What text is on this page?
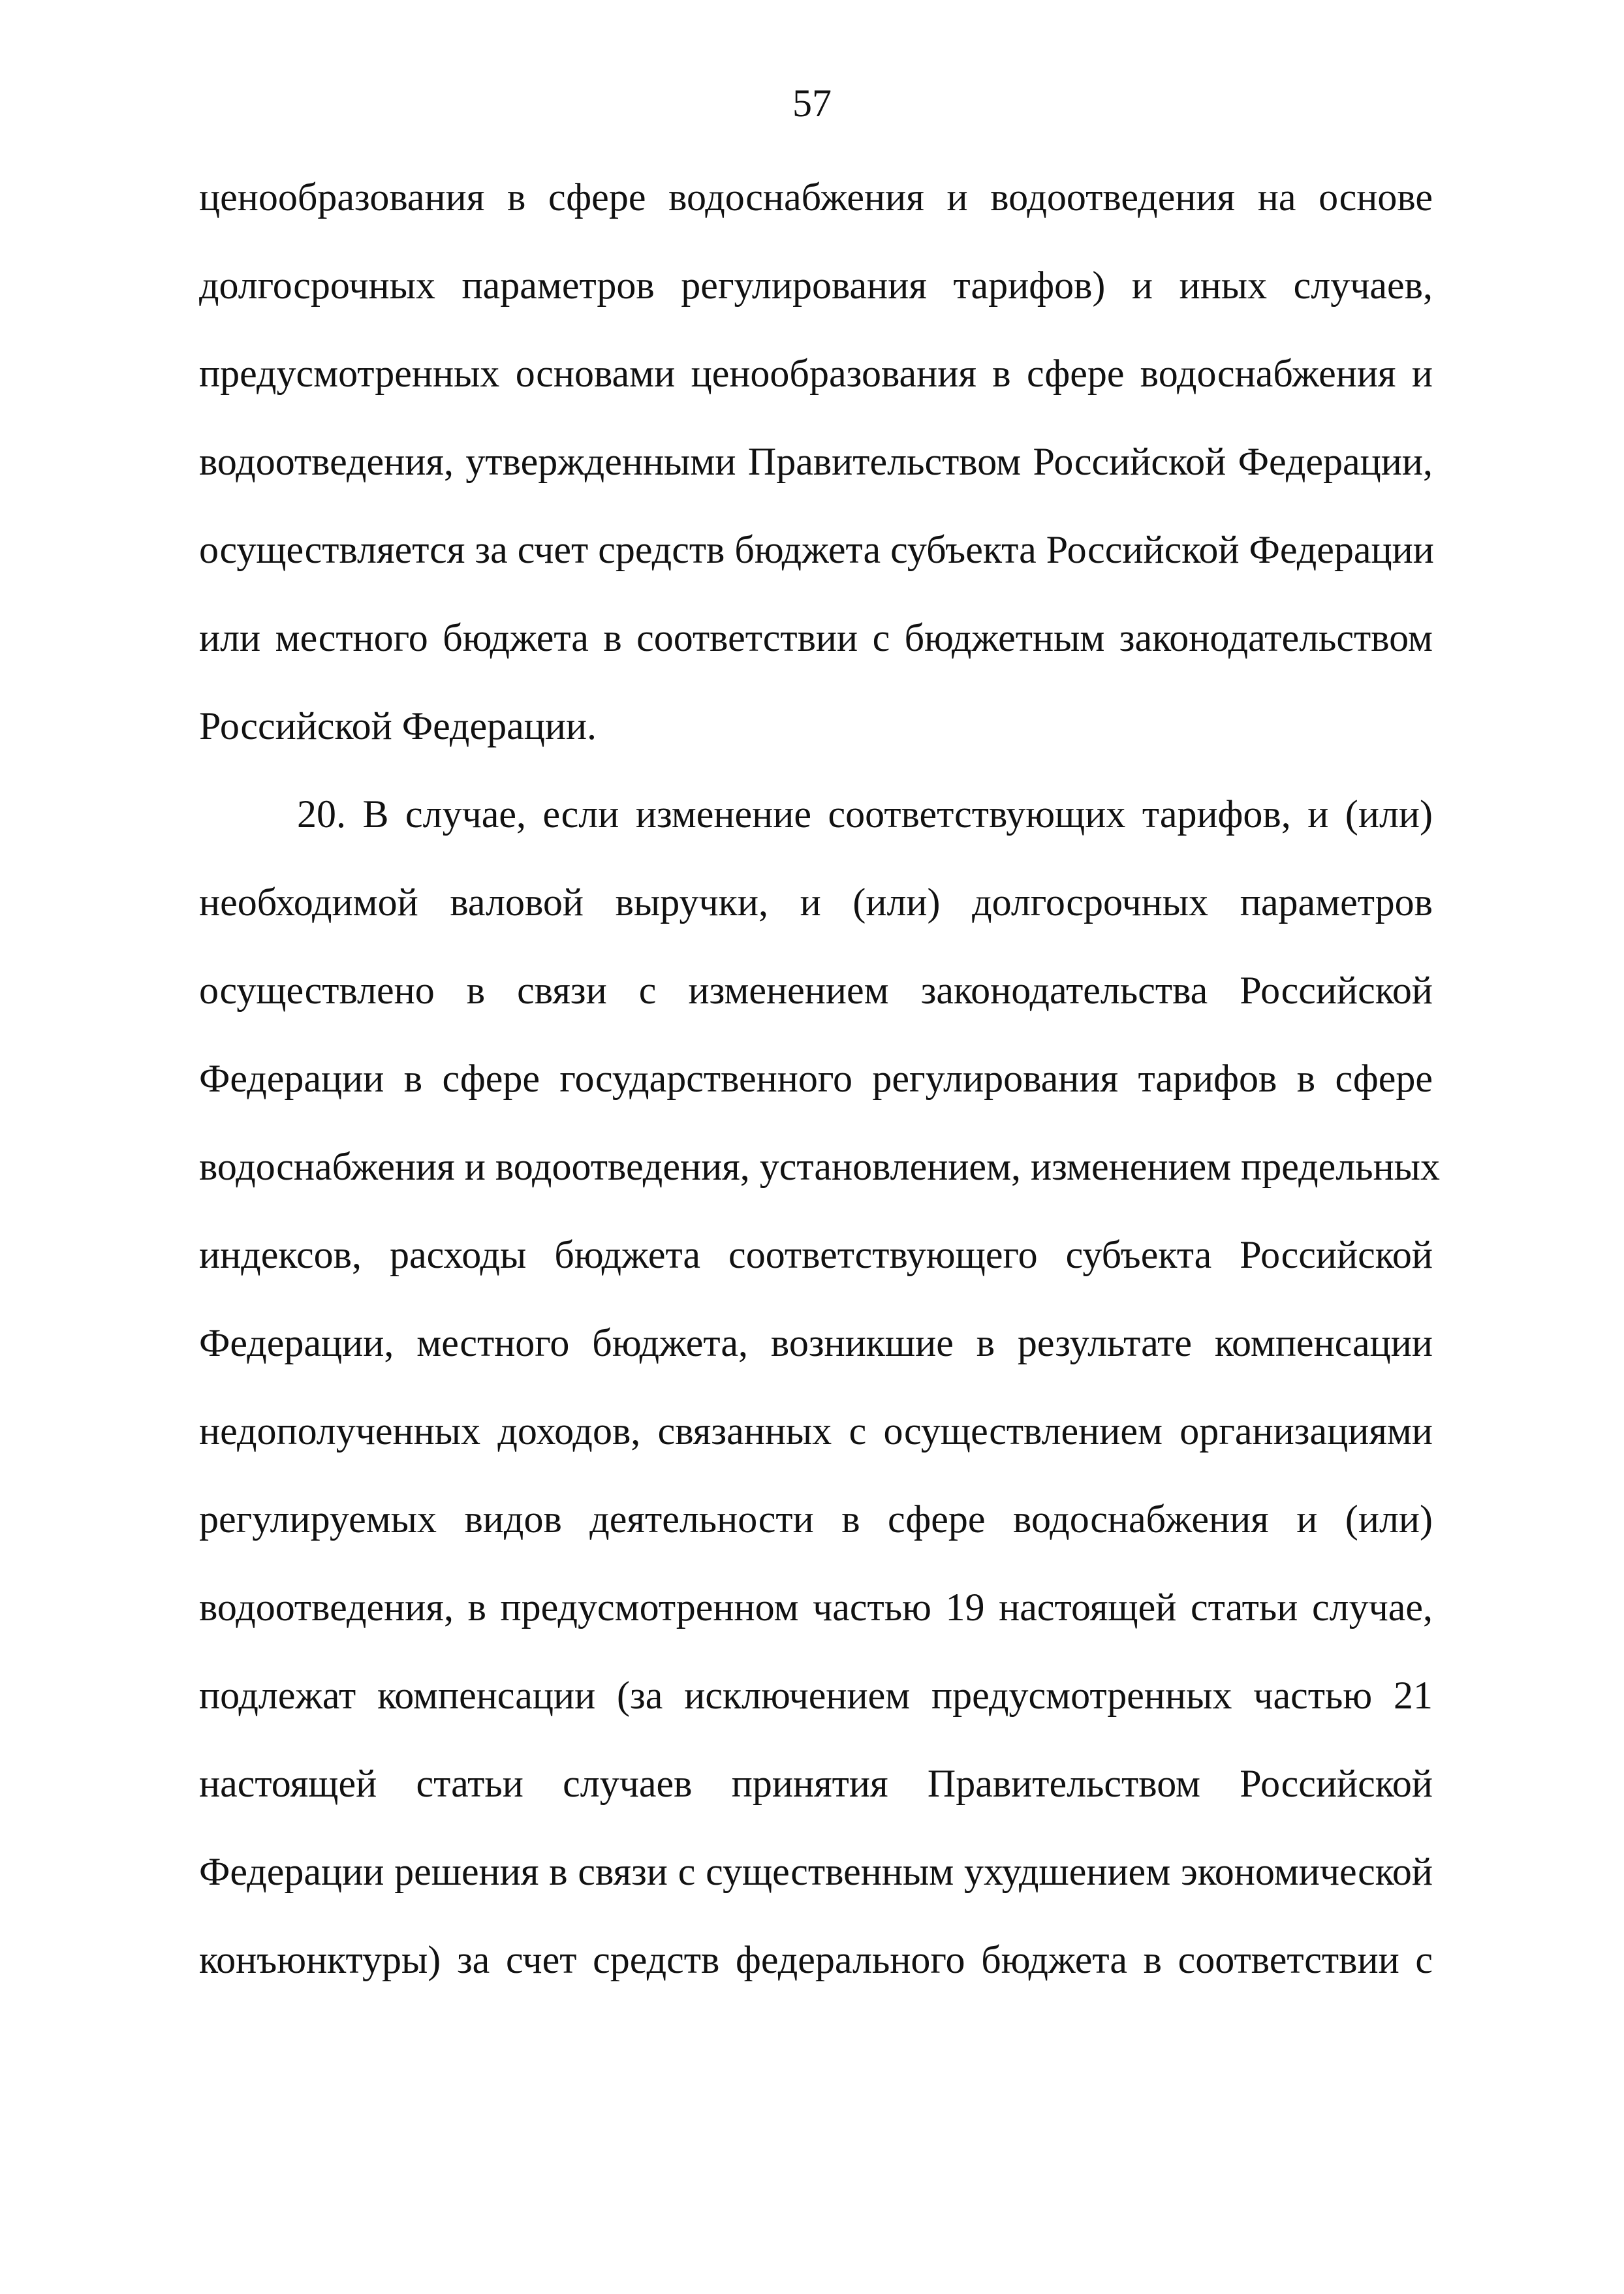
57
ценообразования в сфере водоснабжения и водоотведения на основе
долгосрочных параметров регулирования тарифов) и иных случаев,
предусмотренных основами ценообразования в сфере водоснабжения и
водоотведения, утвержденными Правительством Российской Федерации,
осуществляется за счет средств бюджета субъекта Российской Федерации
или местного бюджета в соответствии с бюджетным законодательством
Российской Федерации.
20. В случае, если изменение соответствующих тарифов, и (или)
необходимой валовой выручки, и (или) долгосрочных параметров
осуществлено в связи с изменением законодательства Российской
Федерации в сфере государственного регулирования тарифов в сфере
водоснабжения и водоотведения, установлением, изменением предельных
индексов, расходы бюджета соответствующего субъекта Российской
Федерации, местного бюджета, возникшие в результате компенсации
недополученных доходов, связанных с осуществлением организациями
регулируемых видов деятельности в сфере водоснабжения и (или)
водоотведения, в предусмотренном частью 19 настоящей статьи случае,
подлежат компенсации (за исключением предусмотренных частью 21
настоящей статьи случаев принятия Правительством Российской
Федерации решения в связи с существенным ухудшением экономической
конъюнктуры) за счет средств федерального бюджета в соответствии с
